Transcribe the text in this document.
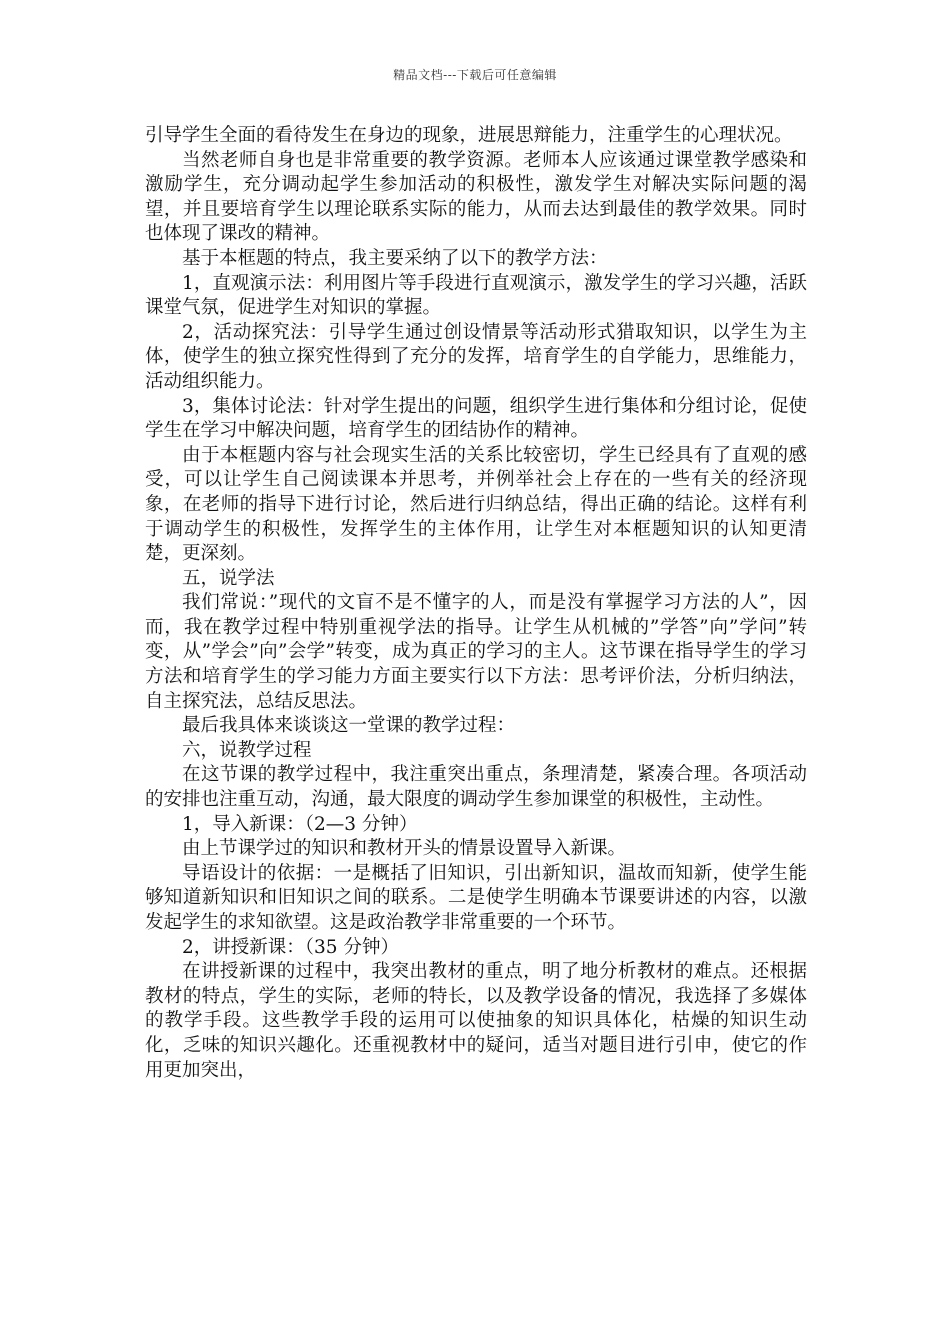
精品文档---下载后可任意编辑

引导学生全面的看待发生在身边的现象，进展思辩能力，注重学生的心理状况。

当然老师自身也是非常重要的教学资源。老师本人应该通过课堂教学感染和激励学生，充分调动起学生参加活动的积极性，激发学生对解决实际问题的渴望，并且要培育学生以理论联系实际的能力，从而去达到最佳的教学效果。同时也体现了课改的精神。

基于本框题的特点，我主要采纳了以下的教学方法：

1，直观演示法：利用图片等手段进行直观演示，激发学生的学习兴趣，活跃课堂气氛，促进学生对知识的掌握。

2，活动探究法：引导学生通过创设情景等活动形式猎取知识，以学生为主体，使学生的独立探究性得到了充分的发挥，培育学生的自学能力，思维能力，活动组织能力。

3，集体讨论法：针对学生提出的问题，组织学生进行集体和分组讨论，促使学生在学习中解决问题，培育学生的团结协作的精神。

由于本框题内容与社会现实生活的关系比较密切，学生已经具有了直观的感受，可以让学生自己阅读课本并思考，并例举社会上存在的一些有关的经济现象，在老师的指导下进行讨论，然后进行归纳总结，得出正确的结论。这样有利于调动学生的积极性，发挥学生的主体作用，让学生对本框题知识的认知更清楚，更深刻。

五，说学法

我们常说：”现代的文盲不是不懂字的人，而是没有掌握学习方法的人”，因而，我在教学过程中特别重视学法的指导。让学生从机械的”学答”向”学问”转变，从”学会”向”会学”转变，成为真正的学习的主人。这节课在指导学生的学习方法和培育学生的学习能力方面主要实行以下方法：思考评价法，分析归纳法，自主探究法，总结反思法。

最后我具体来谈谈这一堂课的教学过程：

六，说教学过程

在这节课的教学过程中，我注重突出重点，条理清楚，紧凑合理。各项活动的安排也注重互动，沟通，最大限度的调动学生参加课堂的积极性，主动性。

1，导入新课：（2—3 分钟）

由上节课学过的知识和教材开头的情景设置导入新课。

导语设计的依据：一是概括了旧知识，引出新知识，温故而知新，使学生能够知道新知识和旧知识之间的联系。二是使学生明确本节课要讲述的内容，以激发起学生的求知欲望。这是政治教学非常重要的一个环节。

2，讲授新课：（35 分钟）

在讲授新课的过程中，我突出教材的重点，明了地分析教材的难点。还根据教材的特点，学生的实际，老师的特长，以及教学设备的情况，我选择了多媒体的教学手段。这些教学手段的运用可以使抽象的知识具体化，枯燥的知识生动化，乏味的知识兴趣化。还重视教材中的疑问，适当对题目进行引申，使它的作用更加突出，
